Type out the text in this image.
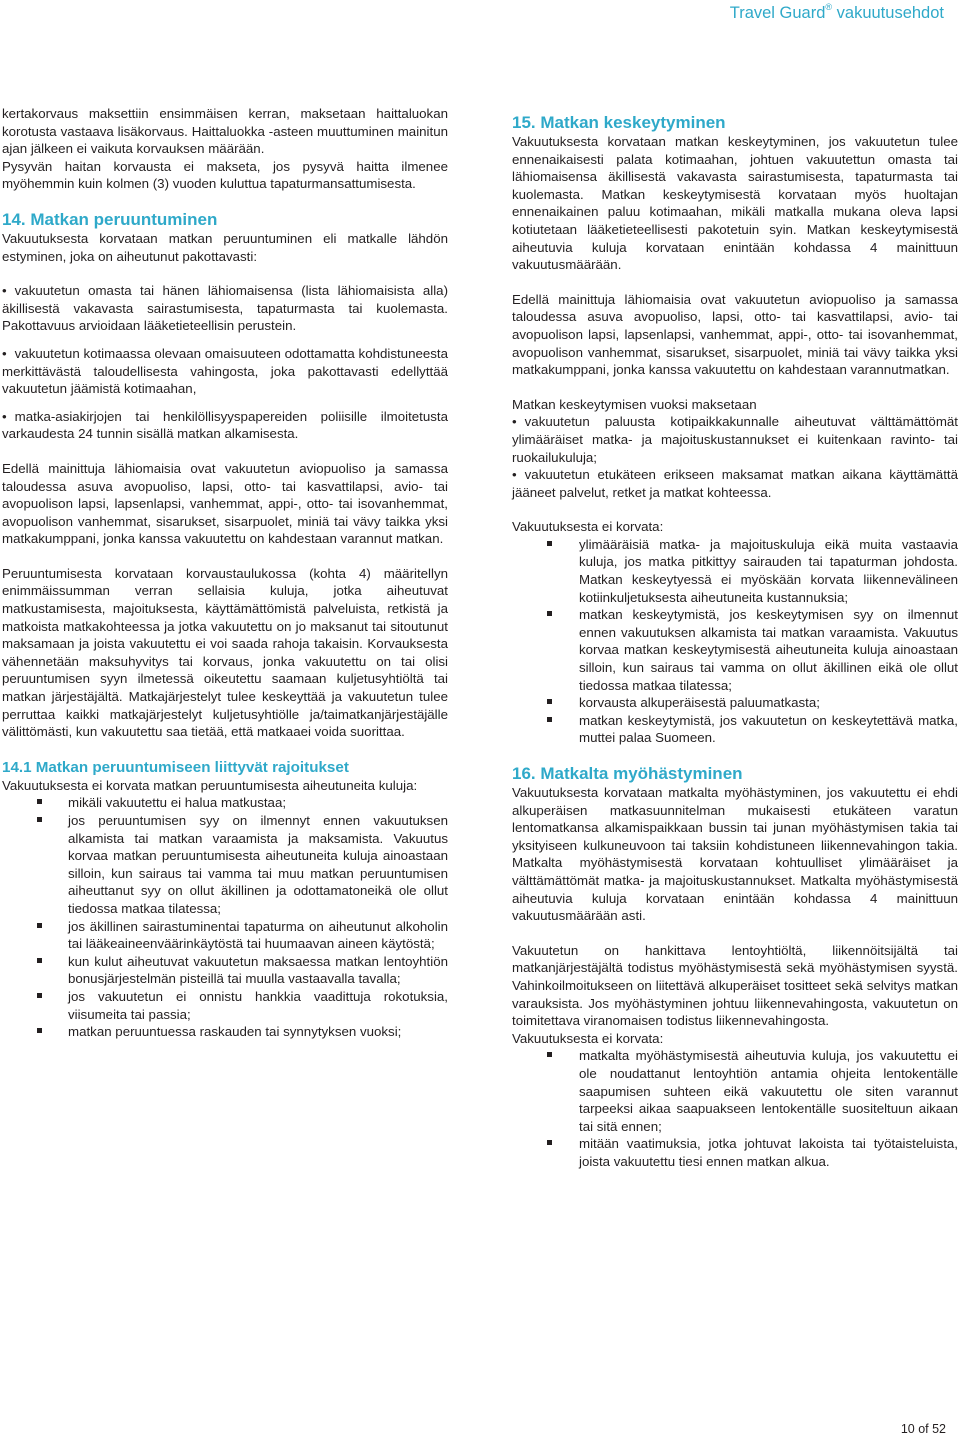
Travel Guard® vakuutusehdot

kertakorvaus maksettiin ensimmäisen kerran, maksetaan haittaluokan korotusta vastaava lisäkorvaus. Haittaluokka -asteen muuttuminen mainitun ajan jälkeen ei vaikuta korvauksen määrään.

Pysyvän haitan korvausta ei makseta, jos pysyvä haitta ilmenee myöhemmin kuin kolmen (3) vuoden kuluttua tapaturmansattumisesta.

14. Matkan peruuntuminen

Vakuutuksesta korvataan matkan peruuntuminen eli matkalle lähdön estyminen, joka on aiheutunut pakottavasti:

• vakuutetun omasta tai hänen lähiomaisensa (lista lähiomaisista alla) äkillisestä vakavasta sairastumisesta, tapaturmasta tai kuolemasta. Pakottavuus arvioidaan lääketieteellisin perustein.

• vakuutetun kotimaassa olevaan omaisuuteen odottamatta kohdistuneesta merkittävästä taloudellisesta vahingosta, joka pakottavasti edellyttää vakuutetun jäämistä kotimaahan,

• matka-asiakirjojen tai henkilöllisyyspapereiden poliisille ilmoitetusta varkaudesta 24 tunnin sisällä matkan alkamisesta.

Edellä mainittuja lähiomaisia ovat vakuutetun aviopuoliso ja samassa taloudessa asuva avopuoliso, lapsi, otto- tai kasvattilapsi, avio- tai avopuolison lapsi, lapsenlapsi, vanhemmat, appi-, otto- tai isovanhemmat, avopuolison vanhemmat, sisarukset, sisarpuolet, miniä tai vävy taikka yksi matkakumppani, jonka kanssa vakuutettu on kahdestaan varannut matkan.

Peruuntumisesta korvataan korvaustaulukossa (kohta 4) määritellyn enimmäissumman verran sellaisia kuluja, jotka aiheutuvat matkustamisesta, majoituksesta, käyttämättömistä palveluista, retkistä ja matkoista matkakohteessa ja jotka vakuutettu on jo maksanut tai sitoutunut maksamaan ja joista vakuutettu ei voi saada rahoja takaisin. Korvauksesta vähennetään maksuhyvitys tai korvaus, jonka vakuutettu on tai olisi peruuntumisen syyn ilmetessä oikeutettu saamaan kuljetusyhtiöltä tai matkan järjestäjältä. Matkajärjestelyt tulee keskeyttää ja vakuutetun tulee perruttaa kaikki matkajärjestelyt kuljetusyhtiölle ja/taimatkanjärjestäjälle välittömästi, kun vakuutettu saa tietää, että matkaaei voida suorittaa.

14.1 Matkan peruuntumiseen liittyvät rajoitukset

Vakuutuksesta ei korvata matkan peruuntumisesta aiheutuneita kuluja:

mikäli vakuutettu ei halua matkustaa;
jos peruuntumisen syy on ilmennyt ennen vakuutuksen alkamista tai matkan varaamista ja maksamista. Vakuutus korvaa matkan peruuntumisesta aiheutuneita kuluja ainoastaan silloin, kun sairaus tai vamma tai muu matkan peruuntumisen aiheuttanut syy on ollut äkillinen ja odottamatoneikä ole ollut tiedossa matkaa tilatessa;
jos äkillinen sairastuminentai tapaturma on aiheutunut alkoholin tai lääkeaineenväärinkäytöstä tai huumaavan aineen käytöstä;
kun kulut aiheutuvat vakuutetun maksaessa matkan lentoyhtiön bonusjärjestelmän pisteillä tai muulla vastaavalla tavalla;
jos vakuutetun ei onnistu hankkia vaadittuja rokotuksia, viisumeita tai passia;
matkan peruuntuessa raskauden tai synnytyksen vuoksi;
15. Matkan keskeytyminen

Vakuutuksesta korvataan matkan keskeytyminen, jos vakuutetun tulee ennenaikaisesti palata kotimaahan, johtuen vakuutettun omasta tai lähiomaisensa äkillisestä vakavasta sairastumisesta, tapaturmasta tai kuolemasta. Matkan keskeytymisestä korvataan myös huoltajan ennenaikainen paluu kotimaahan, mikäli matkalla mukana oleva lapsi kotiutetaan lääketieteellisesti pakotetuin syin. Matkan keskeytymisestä aiheutuvia kuluja korvataan enintään kohdassa 4 mainittuun vakuutusmäärään.

Edellä mainittuja lähiomaisia ovat vakuutetun aviopuoliso ja samassa taloudessa asuva avopuoliso, lapsi, otto- tai kasvattilapsi, avio- tai avopuolison lapsi, lapsenlapsi, vanhemmat, appi-, otto- tai isovanhemmat, avopuolison vanhemmat, sisarukset, sisarpuolet, miniä tai vävy taikka yksi matkakumppani, jonka kanssa vakuutettu on kahdestaan varannutmatkan.

Matkan keskeytymisen vuoksi maksetaan

• vakuutetun paluusta kotipaikkakunnalle aiheutuvat välttämättömät ylimääräiset matka- ja majoituskustannukset ei kuitenkaan ravinto- tai ruokailukuluja;

• vakuutetun etukäteen erikseen maksamat matkan aikana käyttämättä jääneet palvelut, retket ja matkat kohteessa.

Vakuutuksesta ei korvata:

ylimääräisiä matka- ja majoituskuluja eikä muita vastaavia kuluja, jos matka pitkittyy sairauden tai tapaturman johdosta. Matkan keskeytyessä ei myöskään korvata liikennevälineen kotiinkuljetuksesta aiheutuneita kustannuksia;
matkan keskeytymistä, jos keskeytymisen syy on ilmennut ennen vakuutuksen alkamista tai matkan varaamista. Vakuutus korvaa matkan keskeytymisestä aiheutuneita kuluja ainoastaan silloin, kun sairaus tai vamma on ollut äkillinen eikä ole ollut tiedossa matkaa tilatessa;
korvausta alkuperäisestä paluumatkasta;
matkan keskeytymistä, jos vakuutetun on keskeytettävä matka, muttei palaa Suomeen.
16. Matkalta myöhästyminen

Vakuutuksesta korvataan matkalta myöhästyminen, jos vakuutettu ei ehdi alkuperäisen matkasuunnitelman mukaisesti etukäteen varatun lentomatkansa alkamispaikkaan bussin tai junan myöhästymisen takia tai yksityiseen kulkuneuvoon tai taksiin kohdistuneen liikennevahingon takia. Matkalta myöhästymisestä korvataan kohtuulliset ylimääräiset ja välttämättömät matka- ja majoituskustannukset. Matkalta myöhästymisestä aiheutuvia kuluja korvataan enintään kohdassa 4 mainittuun vakuutusmäärään asti.

Vakuutetun on hankittava lentoyhtiöltä, liikennöitsijältä tai matkanjärjestäjältä todistus myöhästymisestä sekä myöhästymisen syystä. Vahinkoilmoitukseen on liitettävä alkuperäiset tositteet sekä selvitys matkan varauksista. Jos myöhästyminen johtuu liikennevahingosta, vakuutetun on toimitettava viranomaisen todistus liikennevahingosta.

Vakuutuksesta ei korvata:

matkalta myöhästymisestä aiheutuvia kuluja, jos vakuutettu ei ole noudattanut lentoyhtiön antamia ohjeita lentokentälle saapumisen suhteen eikä vakuutettu ole siten varannut tarpeeksi aikaa saapuakseen lentokentälle suositeltuun aikaan tai sitä ennen;
mitään vaatimuksia, jotka johtuvat lakoista tai työtaisteluista, joista vakuutettu tiesi ennen matkan alkua.
10 of 52
